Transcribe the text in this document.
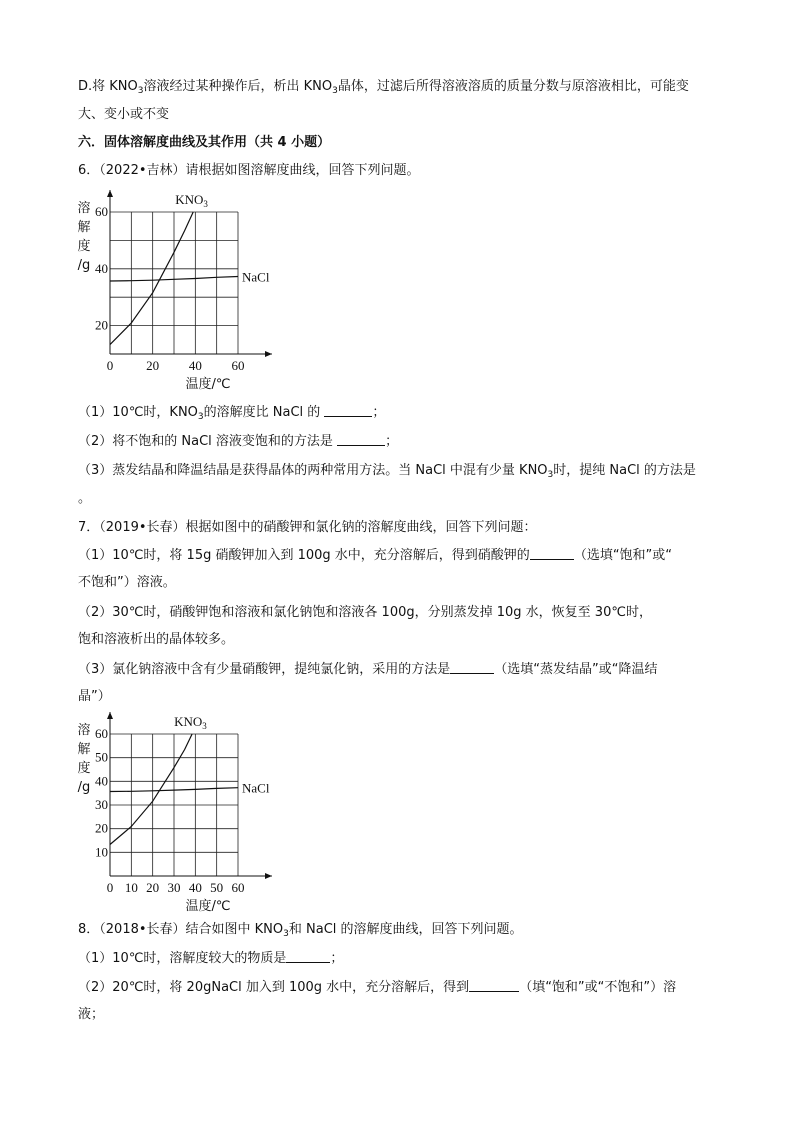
D.将 $KNO_3$溶液经过某种操作后，析出 $KNO_3$晶体，过滤后所得溶液溶质的质量分数与原溶液相比，可能变
大、变小或不变
六．固体溶解度曲线及其作用（共 4 小题）
6．（2022•吉林）请根据如图溶解度曲线，回答下列问题。
0	20 40 60
20
40
60
溶
解
度
/g
温度/℃
$KNO_3$
NaCl
（1）10℃时，$KNO_3$的溶解度比 NaCl 的	；
（2）将不饱和的 NaCl 溶液变饱和的方法是	；
（3）蒸发结晶和降温结晶是获得晶体的两种常用方法。当 NaCl 中混有少量 $KNO_3$时，提纯 NaCl 的方法是
。
7．（2019•长春）根据如图中的硝酸钾和氯化钠的溶解度曲线，回答下列问题：
（1）10℃时，将 15g 硝酸钾加入到 100g 水中，充分溶解后，得到硝酸钾的	（选填“饱和”或“
不饱和”）溶液。
（2）30℃时，硝酸钾饱和溶液和氯化钠饱和溶液各 100g，分别蒸发掉 10g 水，恢复至 30℃时，
饱和溶液析出的晶体较多。
（3）氯化钠溶液中含有少量硝酸钾，提纯氯化钠，采用的方法是	（选填“蒸发结晶”或“降温结
晶”）
0 10 20 30 40 50 60
10
20
30
40
50
60
溶
解
度
/g
温度/℃
$KNO_3$
NaCl
8．（2018•长春）结合如图中 $KNO_3$和 NaCl 的溶解度曲线，回答下列问题。
（1）10℃时，溶解度较大的物质是	；
（2）20℃时，将 20gNaCl 加入到 100g 水中，充分溶解后，得到	（填“饱和”或“不饱和”）溶
液；
